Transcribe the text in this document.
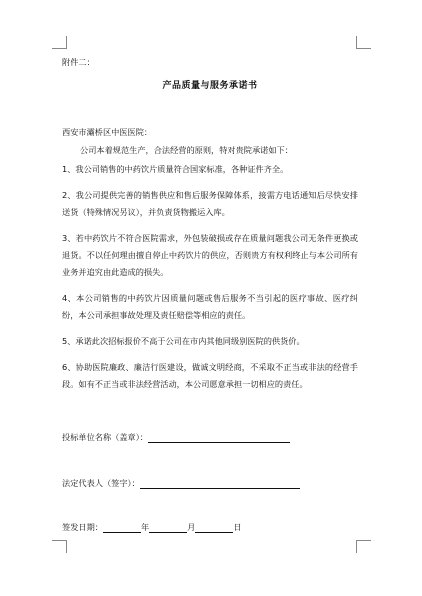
附件二：
产品质量与服务承诺书
西安市灞桥区中医医院：
公司本着规范生产，合法经营的原则，特对贵院承诺如下：
1、我公司销售的中药饮片质量符合国家标准，各种证件齐全。
2、我公司提供完善的销售供应和售后服务保障体系，接需方电话通知后尽快安排送货（特殊情况另议），并负责货物搬运入库。
3、若中药饮片不符合医院需求，外包装破损或存在质量问题我公司无条件更换或退货。不以任何理由擅自停止中药饮片的供应，否则贵方有权利终止与本公司所有业务并追究由此造成的损失。
4、本公司销售的中药饮片因质量问题或售后服务不当引起的医疗事故、医疗纠纷，本公司承担事故处理及责任赔偿等相应的责任。
5、承诺此次招标报价不高于公司在市内其他同级别医院的供货价。
6、协助医院廉政、廉洁行医建设，做诚文明经商，不采取不正当或非法的经营手段。如有不正当或非法经营活动，本公司愿意承担一切相应的责任。
投标单位名称（盖章）：
法定代表人（签字）：
签发日期：	年	月	日
